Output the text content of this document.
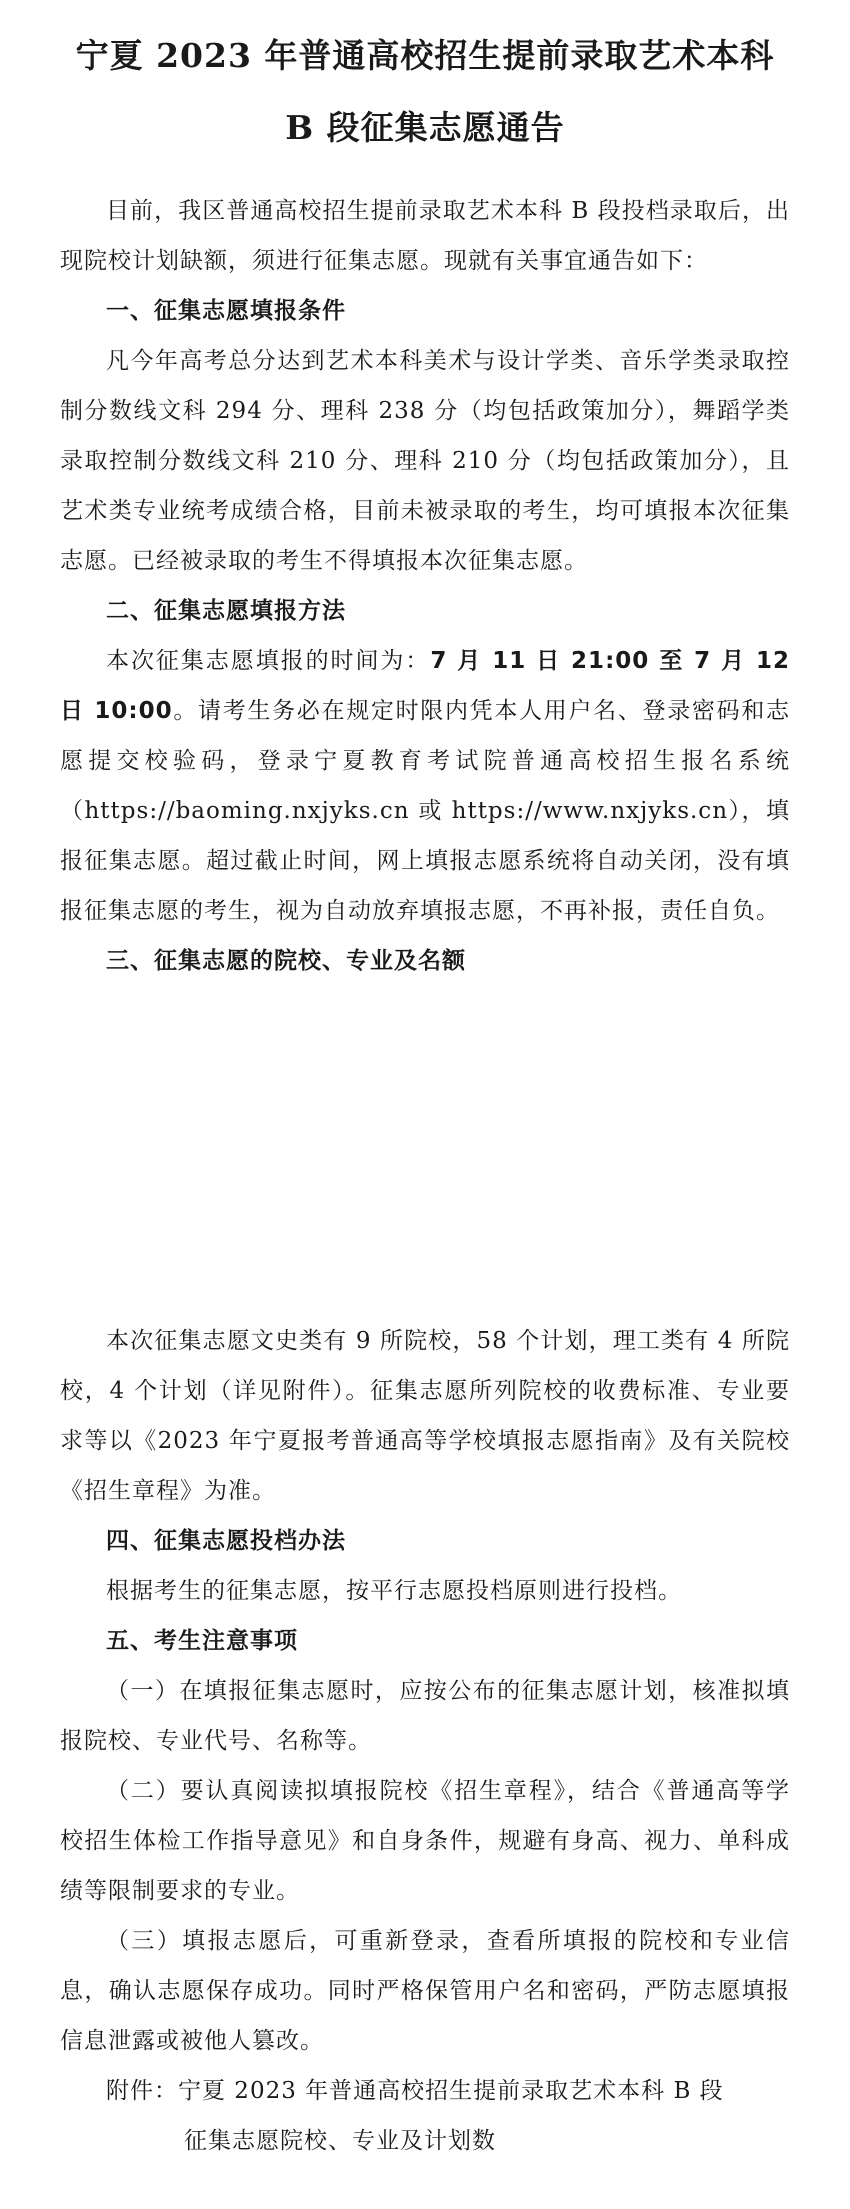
宁夏 2023 年普通高校招生提前录取艺术本科
B 段征集志愿通告

目前，我区普通高校招生提前录取艺术本科 B 段投档录取后，出现院校计划缺额，须进行征集志愿。现就有关事宜通告如下：

一、征集志愿填报条件

凡今年高考总分达到艺术本科美术与设计学类、音乐学类录取控制分数线文科 294 分、理科 238 分（均包括政策加分），舞蹈学类录取控制分数线文科 210 分、理科 210 分（均包括政策加分），且艺术类专业统考成绩合格，目前未被录取的考生，均可填报本次征集志愿。已经被录取的考生不得填报本次征集志愿。

二、征集志愿填报方法

本次征集志愿填报的时间为：7 月 11 日 21:00 至 7 月 12 日 10:00。请考生务必在规定时限内凭本人用户名、登录密码和志愿提交校验码，登录宁夏教育考试院普通高校招生报名系统（https://baoming.nxjyks.cn 或 https://www.nxjyks.cn），填报征集志愿。超过截止时间，网上填报志愿系统将自动关闭，没有填报征集志愿的考生，视为自动放弃填报志愿，不再补报，责任自负。

三、征集志愿的院校、专业及名额

本次征集志愿文史类有 9 所院校，58 个计划，理工类有 4 所院校，4 个计划（详见附件）。征集志愿所列院校的收费标准、专业要求等以《2023 年宁夏报考普通高等学校填报志愿指南》及有关院校《招生章程》为准。

四、征集志愿投档办法

根据考生的征集志愿，按平行志愿投档原则进行投档。

五、考生注意事项

（一）在填报征集志愿时，应按公布的征集志愿计划，核准拟填报院校、专业代号、名称等。

（二）要认真阅读拟填报院校《招生章程》，结合《普通高等学校招生体检工作指导意见》和自身条件，规避有身高、视力、单科成绩等限制要求的专业。

（三）填报志愿后，可重新登录，查看所填报的院校和专业信息，确认志愿保存成功。同时严格保管用户名和密码，严防志愿填报信息泄露或被他人篡改。

附件：宁夏 2023 年普通高校招生提前录取艺术本科 B 段
征集志愿院校、专业及计划数
